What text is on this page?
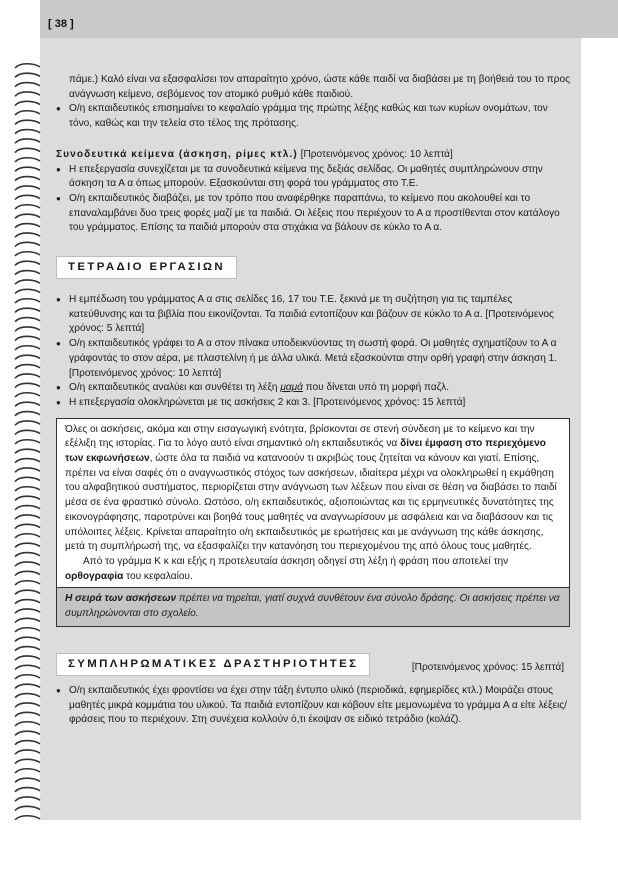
[ 38 ]

πάμε.) Καλό είναι να εξασφαλίσει τον απαραίτητο χρόνο, ώστε κάθε παιδί να διαβάσει με τη βοήθειά του το προς ανάγνωση κείμενο, σεβόμενος τον ατομικό ρυθμό κάθε παιδιού.

● Ο/η εκπαιδευτικός επισημαίνει το κεφαλαίο γράμμα της πρώτης λέξης καθώς και των κυρίων ονομάτων, τον τόνο, καθώς και την τελεία στο τέλος της πρότασης.

Συνοδευτικά κείμενα (άσκηση, ρίμες κτλ.) [Προτεινόμενος χρόνος: 10 λεπτά]

● Η επεξεργασία συνεχίζεται με τα συνοδευτικά κείμενα της δεξιάς σελίδας. Οι μαθητές συμπληρώνουν στην άσκηση τα Α α όπως μπορούν. Εξασκούνται στη φορά του γράμματος στο Τ.Ε.
● Ο/η εκπαιδευτικός διαβάζει, με τον τρόπο που αναφέρθηκε παραπάνω, το κείμενο που ακολουθεί και το επαναλαμβάνει δυο τρεις φορές μαζί με τα παιδιά. Οι λέξεις που περιέχουν το Α α προστίθενται στον κατάλογο του γράμματος. Επίσης τα παιδιά μπορούν στα στιχάκια να βάλουν σε κύκλο το Α α.
ΤΕΤΡΑΔΙΟ ΕΡΓΑΣΙΩΝ
● Η εμπέδωση του γράμματος Α α στις σελίδες 16, 17 του Τ.Ε. ξεκινά με τη συζήτηση για τις ταμπέλες κατεύθυνσης και τα βιβλία που εικονίζονται. Τα παιδιά εντοπίζουν και βάζουν σε κύκλο το Α α. [Προτεινόμενος χρόνος: 5 λεπτά]
● Ο/η εκπαιδευτικός γράφει το Α α στον πίνακα υποδεικνύοντας τη σωστή φορά. Οι μαθητές σχηματίζουν το Α α γράφοντάς το στον αέρα, με πλαστελίνη ή με άλλα υλικά. Μετά εξασκούνται στην ορθή γραφή στην άσκηση 1. [Προτεινόμενος χρόνος: 10 λεπτά]
● Ο/η εκπαιδευτικός αναλύει και συνθέτει τη λέξη μαμά που δίνεται υπό τη μορφή παζλ.
● Η επεξεργασία ολοκληρώνεται με τις ασκήσεις 2 και 3. [Προτεινόμενος χρόνος: 15 λεπτά]

Όλες οι ασκήσεις, ακόμα και στην εισαγωγική ενότητα, βρίσκονται σε στενή σύνδεση με το κείμενο και την εξέλιξη της ιστορίας. Για το λόγο αυτό είναι σημαντικό ο/η εκπαιδευτικός να δίνει έμφαση στο περιεχόμενο των εκφωνήσεων, ώστε όλα τα παιδιά να κατανοούν τι ακριβώς τους ζητείται να κάνουν και γιατί. Επίσης, πρέπει να είναι σαφές ότι ο αναγνωστικός στόχος των ασκήσεων, ιδιαίτερα μέχρι να ολοκληρωθεί η εκμάθηση του αλφαβητικού συστήματος, περιορίζεται στην ανάγνωση των λέξεων που είναι σε θέση να διαβάσει το παιδί μέσα σε ένα φραστικό σύνολο. Ωστόσο, ο/η εκπαιδευτικός, αξιοποιώντας και τις ερμηνευτικές δυνατότητες της εικονογράφησης, παροτρύνει και βοηθά τους μαθητές να αναγνωρίσουν με ασφάλεια και να διαβάσουν και τις υπόλοιπες λέξεις. Κρίνεται απαραίτητο ο/η εκπαιδευτικός με ερωτήσεις και με ανάγνωση της κάθε άσκησης, μετά τη συμπλήρωσή της, να εξασφαλίζει την κατανόηση του περιεχομένου της από όλους τους μαθητές.

Από το γράμμα Κ κ και εξής η προτελευταία άσκηση οδηγεί στη λέξη ή φράση που αποτελεί την ορθογραφία του κεφαλαίου.

Η σειρά των ασκήσεων πρέπει να τηρείται, γιατί συχνά συνθέτουν ένα σύνολο δράσης. Οι ασκήσεις πρέπει να συμπληρώνονται στο σχολείο.
ΣΥΜΠΛΗΡΩΜΑΤΙΚΕΣ ΔΡΑΣΤΗΡΙΟΤΗΤΕΣ	[Προτεινόμενος χρόνος: 15 λεπτά]
● Ο/η εκπαιδευτικός έχει φροντίσει να έχει στην τάξη έντυπο υλικό (περιοδικά, εφημερίδες κτλ.) Μοιράζει στους μαθητές μικρά κομμάτια του υλικού. Τα παιδιά εντοπίζουν και κόβουν είτε μεμονωμένα το γράμμα Α α είτε λέξεις/φράσεις που το περιέχουν. Στη συνέχεια κολλούν ό,τι έκοψαν σε ειδικό τετράδιο (κολάζ).
